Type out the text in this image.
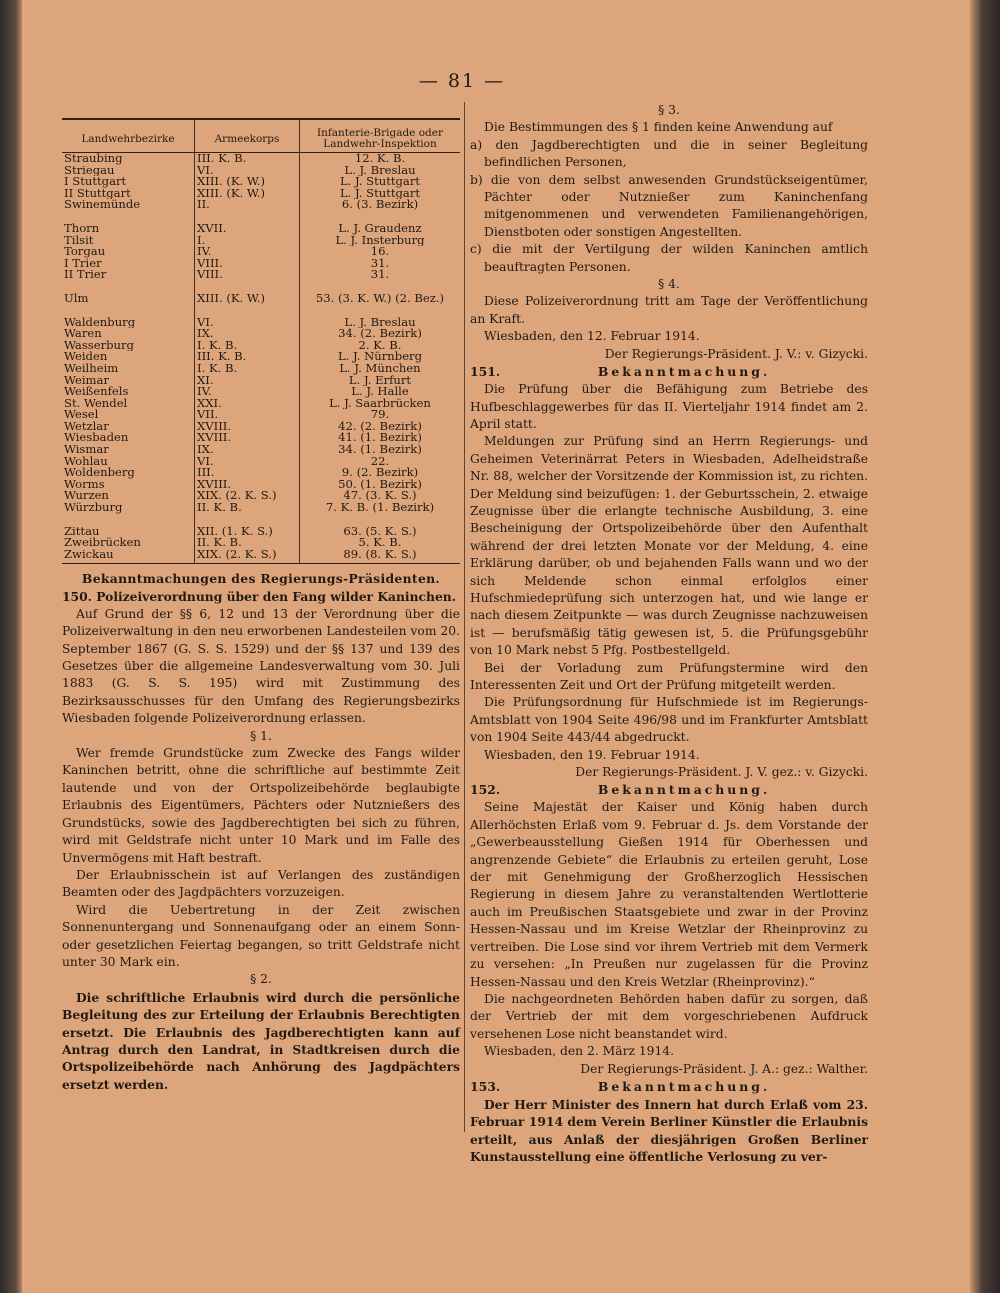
— 81 —
Landwehrbezirke	Armeekorps	Infanterie-Brigade oder Landwehr-Inspektion
Straubing	III. K. B.	12. K. B.
Striegau	VI.	L. J. Breslau
I Stuttgart	XIII. (K. W.)	L. J. Stuttgart
II Stuttgart	XIII. (K. W.)	L. J. Stuttgart
Swinemünde	II.	6. (3. Bezirk)

Thorn	XVII.	L. J. Graudenz
Tilsit	I.	L. J. Insterburg
Torgau	IV.	16.
I Trier	VIII.	31.
II Trier	VIII.	31.

Ulm	XIII. (K. W.)	53. (3. K. W.) (2. Bez.)

Waldenburg	VI.	L. J. Breslau
Waren	IX.	34. (2. Bezirk)
Wasserburg	I. K. B.	2. K. B.
Weiden	III. K. B.	L. J. Nürnberg
Weilheim	I. K. B.	L. J. München
Weimar	XI.	L. J. Erfurt
Weißenfels	IV.	L. J. Halle
St. Wendel	XXI.	L. J. Saarbrücken
Wesel	VII.	79.
Wetzlar	XVIII.	42. (2. Bezirk)
Wiesbaden	XVIII.	41. (1. Bezirk)
Wismar	IX.	34. (1. Bezirk)
Wohlau	VI.	22.
Woldenberg	III.	9. (2. Bezirk)
Worms	XVIII.	50. (1. Bezirk)
Wurzen	XIX. (2. K. S.)	47. (3. K. S.)
Würzburg	II. K. B.	7. K. B. (1. Bezirk)

Zittau	XII. (1. K. S.)	63. (5. K. S.)
Zweibrücken	II. K. B.	5. K. B.
Zwickau	XIX. (2. K. S.)	89. (8. K. S.)

Bekanntmachungen des Regierungs-Präsidenten.

150. Polizeiverordnung über den Fang wilder Kaninchen.

Auf Grund der §§ 6, 12 und 13 der Verordnung über die Polizeiverwaltung in den neu erworbenen Landesteilen vom 20. September 1867 (G. S. S. 1529) und der §§ 137 und 139 des Gesetzes über die allgemeine Landesverwaltung vom 30. Juli 1883 (G. S. S. 195) wird mit Zustimmung des Bezirksausschusses für den Umfang des Regierungsbezirks Wiesbaden folgende Polizeiverordnung erlassen.

§ 1.

Wer fremde Grundstücke zum Zwecke des Fangs wilder Kaninchen betritt, ohne die schriftliche auf bestimmte Zeit lautende und von der Ortspolizeibehörde beglaubigte Erlaubnis des Eigentümers, Pächters oder Nutznießers des Grundstücks, sowie des Jagdberechtigten bei sich zu führen, wird mit Geldstrafe nicht unter 10 Mark und im Falle des Unvermögens mit Haft bestraft.

Der Erlaubnisschein ist auf Verlangen des zuständigen Beamten oder des Jagdpächters vorzuzeigen.

Wird die Uebertretung in der Zeit zwischen Sonnenuntergang und Sonnenaufgang oder an einem Sonn- oder gesetzlichen Feiertag begangen, so tritt Geldstrafe nicht unter 30 Mark ein.

§ 2.

Die schriftliche Erlaubnis wird durch die persönliche Begleitung des zur Erteilung der Erlaubnis Berechtigten ersetzt. Die Erlaubnis des Jagdberechtigten kann auf Antrag durch den Landrat, in Stadtkreisen durch die Ortspolizeibehörde nach Anhörung des Jagdpächters ersetzt werden.

§ 3.

Die Bestimmungen des § 1 finden keine Anwendung auf

a) den Jagdberechtigten und die in seiner Begleitung befindlichen Personen,

b) die von dem selbst anwesenden Grundstückseigentümer, Pächter oder Nutznießer zum Kaninchenfang mitgenommenen und verwendeten Familienangehörigen, Dienstboten oder sonstigen Angestellten.

c) die mit der Vertilgung der wilden Kaninchen amtlich beauftragten Personen.

§ 4.

Diese Polizeiverordnung tritt am Tage der Veröffentlichung an Kraft.

Wiesbaden, den 12. Februar 1914.

Der Regierungs-Präsident. J. V.: v. Gizycki.

151.	Bekanntmachung.

Die Prüfung über die Befähigung zum Betriebe des Hufbeschlaggewerbes für das II. Vierteljahr 1914 findet am 2. April statt.

Meldungen zur Prüfung sind an Herrn Regierungs- und Geheimen Veterinärrat Peters in Wiesbaden, Adelheidstraße Nr. 88, welcher der Vorsitzende der Kommission ist, zu richten. Der Meldung sind beizufügen: 1. der Geburtsschein, 2. etwaige Zeugnisse über die erlangte technische Ausbildung, 3. eine Bescheinigung der Ortspolizeibehörde über den Aufenthalt während der drei letzten Monate vor der Meldung, 4. eine Erklärung darüber, ob und bejahenden Falls wann und wo der sich Meldende schon einmal erfolglos einer Hufschmiedeprüfung sich unterzogen hat, und wie lange er nach diesem Zeitpunkte — was durch Zeugnisse nachzuweisen ist — berufsmäßig tätig gewesen ist, 5. die Prüfungsgebühr von 10 Mark nebst 5 Pfg. Postbestellgeld.

Bei der Vorladung zum Prüfungstermine wird den Interessenten Zeit und Ort der Prüfung mitgeteilt werden.

Die Prüfungsordnung für Hufschmiede ist im Regierungs-Amtsblatt von 1904 Seite 496/98 und im Frankfurter Amtsblatt von 1904 Seite 443/44 abgedruckt.

Wiesbaden, den 19. Februar 1914.

Der Regierungs-Präsident. J. V. gez.: v. Gizycki.

152.	Bekanntmachung.

Seine Majestät der Kaiser und König haben durch Allerhöchsten Erlaß vom 9. Februar d. Js. dem Vorstande der „Gewerbeausstellung Gießen 1914 für Oberhessen und angrenzende Gebiete“ die Erlaubnis zu erteilen geruht, Lose der mit Genehmigung der Großherzoglich Hessischen Regierung in diesem Jahre zu veranstaltenden Wertlotterie auch im Preußischen Staatsgebiete und zwar in der Provinz Hessen-Nassau und im Kreise Wetzlar der Rheinprovinz zu vertreiben. Die Lose sind vor ihrem Vertrieb mit dem Vermerk zu versehen: „In Preußen nur zugelassen für die Provinz Hessen-Nassau und den Kreis Wetzlar (Rheinprovinz).“

Die nachgeordneten Behörden haben dafür zu sorgen, daß der Vertrieb der mit dem vorgeschriebenen Aufdruck versehenen Lose nicht beanstandet wird.

Wiesbaden, den 2. März 1914.

Der Regierungs-Präsident. J. A.: gez.: Walther.

153.	Bekanntmachung.

Der Herr Minister des Innern hat durch Erlaß vom 23. Februar 1914 dem Verein Berliner Künstler die Erlaubnis erteilt, aus Anlaß der diesjährigen Großen Berliner Kunstausstellung eine öffentliche Verlosung zu ver-
